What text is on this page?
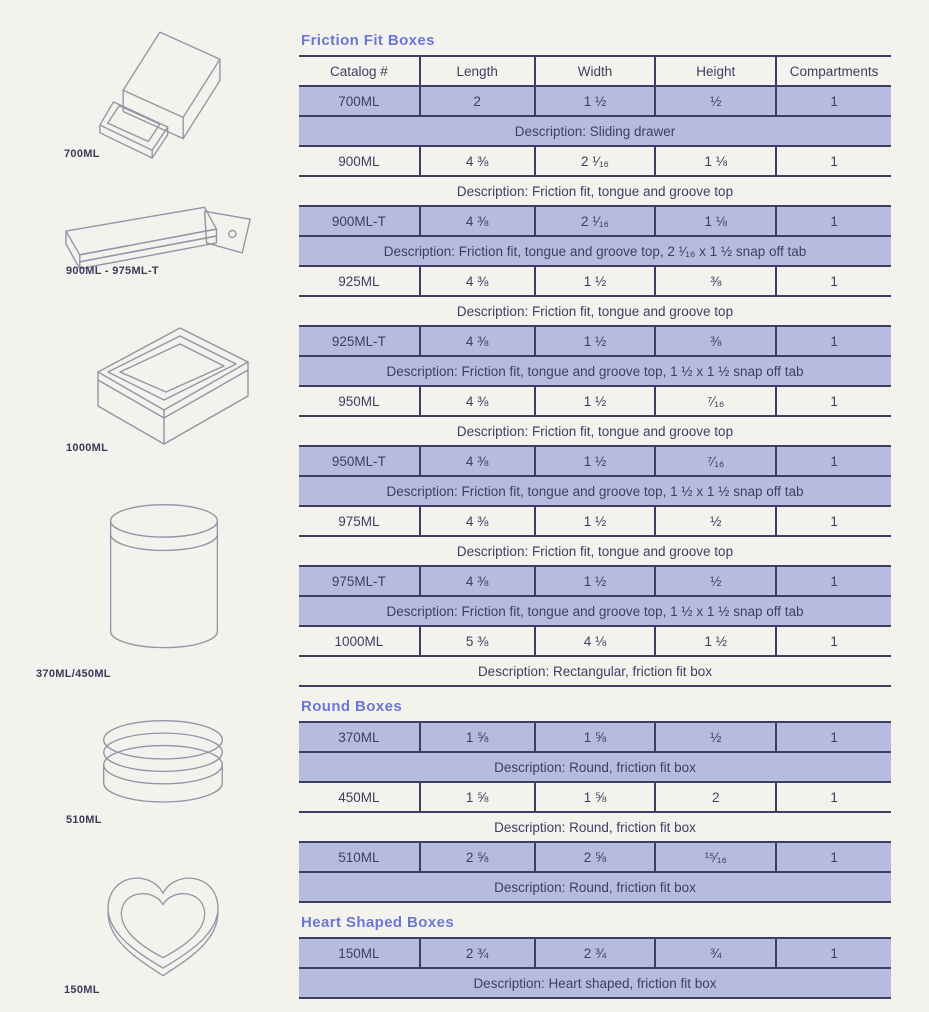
700ML
900ML - 975ML-T
1000ML
370ML/450ML
510ML
150ML
Friction Fit Boxes
Catalog #	Length	Width	Height	Compartments
700ML	2	1 ½	½	1
Description: Sliding drawer				
900ML	4 ⅜	2 ¹⁄₁₆	1 ⅛	1
Description: Friction fit, tongue and groove top				
900ML-T	4 ⅜	2 ¹⁄₁₆	1 ⅛	1
Description: Friction fit, tongue and groove top, 2 ¹⁄₁₆ x 1 ½ snap off tab				
925ML	4 ⅜	1 ½	⅜	1
Description: Friction fit, tongue and groove top				
925ML-T	4 ⅜	1 ½	⅜	1
Description: Friction fit, tongue and groove top, 1 ½ x 1 ½ snap off tab				
950ML	4 ⅜	1 ½	⁷⁄₁₆	1
Description: Friction fit, tongue and groove top				
950ML-T	4 ⅜	1 ½	⁷⁄₁₆	1
Description: Friction fit, tongue and groove top, 1 ½ x 1 ½ snap off tab				
975ML	4 ⅜	1 ½	½	1
Description: Friction fit, tongue and groove top				
975ML-T	4 ⅜	1 ½	½	1
Description: Friction fit, tongue and groove top, 1 ½ x 1 ½ snap off tab				
1000ML	5 ⅜	4 ⅛	1 ½	1
Description: Rectangular, friction fit box				
Round Boxes
370ML	1 ⅝	1 ⅝	½	1
Description: Round, friction fit box				
450ML	1 ⅝	1 ⅝	2	1
Description: Round, friction fit box				
510ML	2 ⅝	2 ⅝	¹⁵⁄₁₆	1
Description: Round, friction fit box				
Heart Shaped Boxes
150ML	2 ¾	2 ¾	¾	1
Description: Heart shaped, friction fit box
